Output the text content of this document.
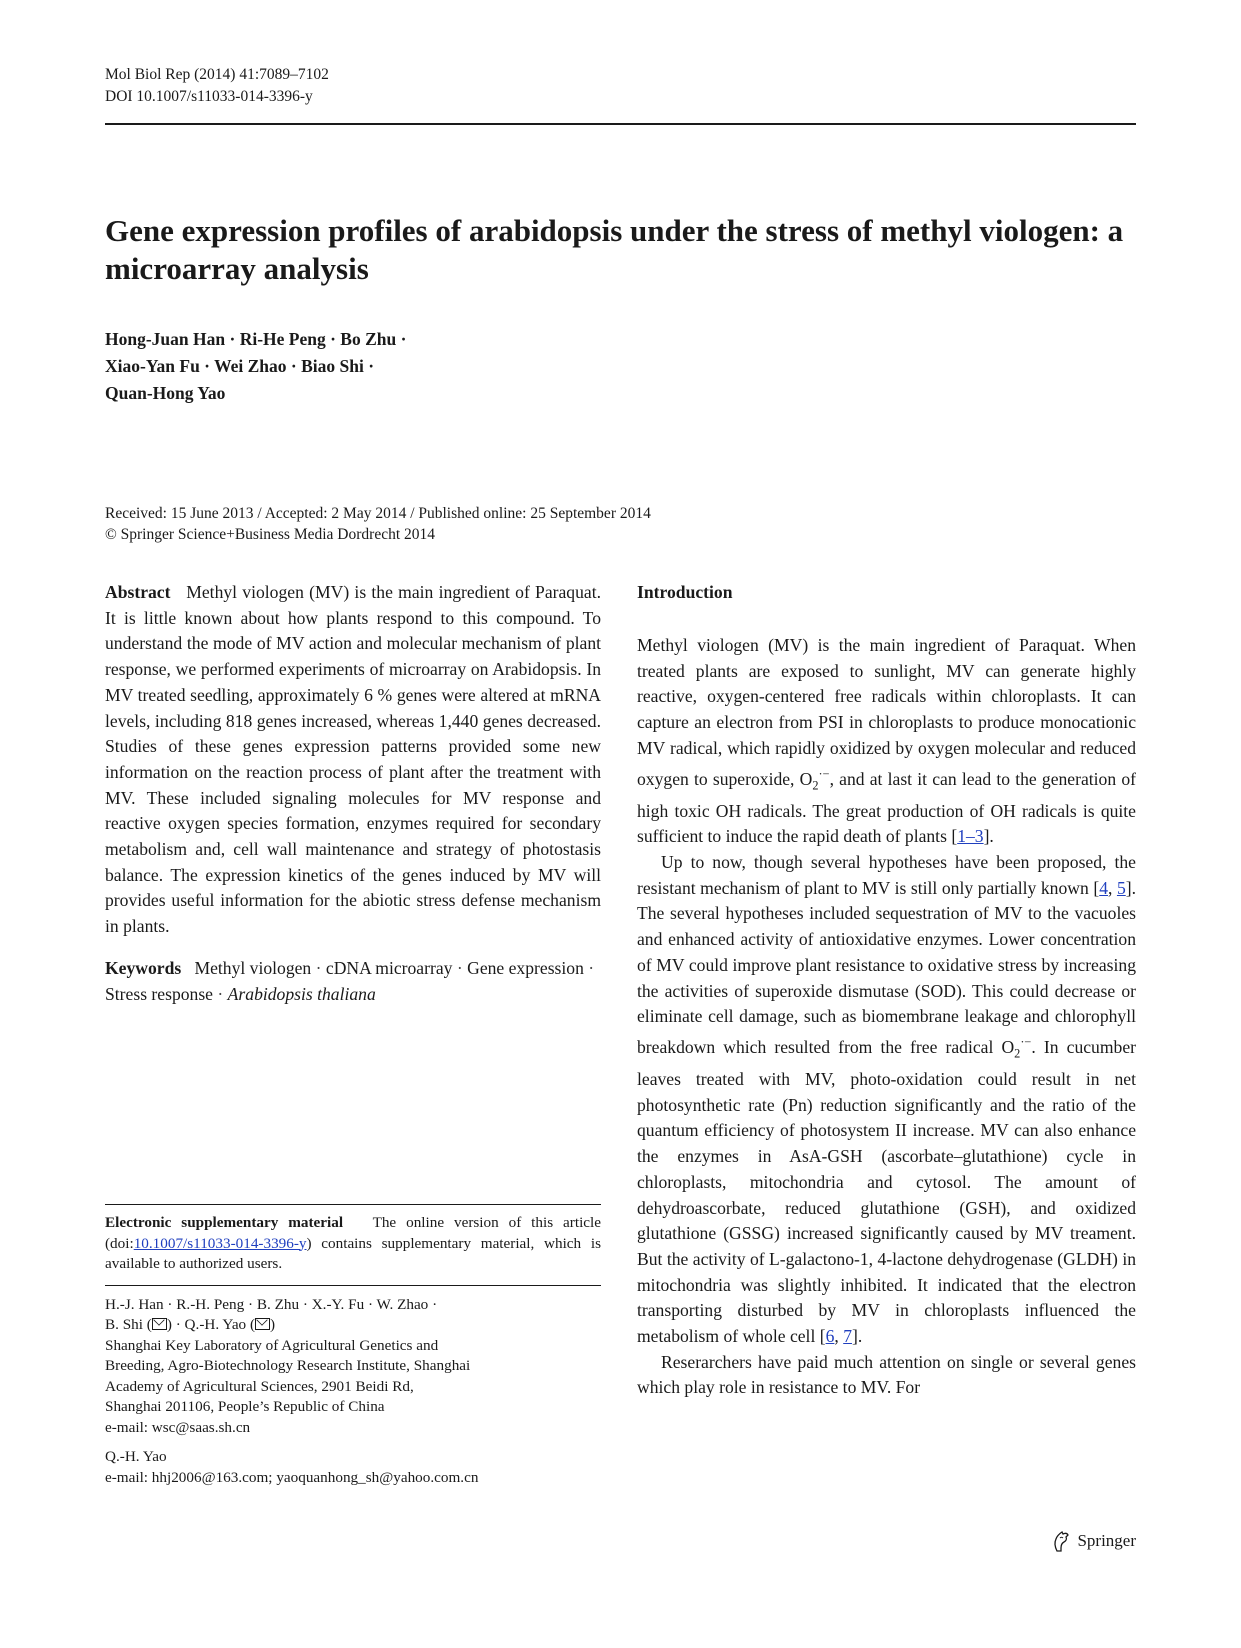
Mol Biol Rep (2014) 41:7089–7102
DOI 10.1007/s11033-014-3396-y
Gene expression profiles of arabidopsis under the stress of methyl viologen: a microarray analysis
Hong-Juan Han · Ri-He Peng · Bo Zhu ·
Xiao-Yan Fu · Wei Zhao · Biao Shi ·
Quan-Hong Yao
Received: 15 June 2013 / Accepted: 2 May 2014 / Published online: 25 September 2014
© Springer Science+Business Media Dordrecht 2014

Abstract Methyl viologen (MV) is the main ingredient of Paraquat. It is little known about how plants respond to this compound. To understand the mode of MV action and molecular mechanism of plant response, we performed experiments of microarray on Arabidopsis. In MV treated seedling, approximately 6 % genes were altered at mRNA levels, including 818 genes increased, whereas 1,440 genes decreased. Studies of these genes expression patterns provided some new information on the reaction process of plant after the treatment with MV. These included signaling molecules for MV response and reactive oxygen species formation, enzymes required for secondary metabolism and, cell wall maintenance and strategy of photostasis balance. The expression kinetics of the genes induced by MV will provides useful information for the abiotic stress defense mechanism in plants.

Keywords Methyl viologen · cDNA microarray · Gene expression · Stress response · Arabidopsis thaliana

Electronic supplementary material The online version of this article (doi:10.1007/s11033-014-3396-y) contains supplementary material, which is available to authorized users.

H.-J. Han · R.-H. Peng · B. Zhu · X.-Y. Fu · W. Zhao ·
B. Shi ( ) · Q.-H. Yao ( )
Shanghai Key Laboratory of Agricultural Genetics and
Breeding, Agro-Biotechnology Research Institute, Shanghai
Academy of Agricultural Sciences, 2901 Beidi Rd,
Shanghai 201106, People’s Republic of China
e-mail: wsc@saas.sh.cn
Q.-H. Yao
e-mail: hhj2006@163.com; yaoquanhong_sh@yahoo.com.cn
Introduction

Methyl viologen (MV) is the main ingredient of Paraquat. When treated plants are exposed to sunlight, MV can generate highly reactive, oxygen-centered free radicals within chloroplasts. It can capture an electron from PSI in chloroplasts to produce monocationic MV radical, which rapidly oxidized by oxygen molecular and reduced oxygen to superoxide, $O_2^{\cdot-}$, and at last it can lead to the generation of high toxic OH radicals. The great production of OH radicals is quite sufficient to induce the rapid death of plants [1–3].

Up to now, though several hypotheses have been proposed, the resistant mechanism of plant to MV is still only partially known [4, 5]. The several hypotheses included sequestration of MV to the vacuoles and enhanced activity of antioxidative enzymes. Lower concentration of MV could improve plant resistance to oxidative stress by increasing the activities of superoxide dismutase (SOD). This could decrease or eliminate cell damage, such as biomembrane leakage and chlorophyll breakdown which resulted from the free radical $O_2^{\cdot-}$. In cucumber leaves treated with MV, photo-oxidation could result in net photosynthetic rate (Pn) reduction significantly and the ratio of the quantum efficiency of photosystem II increase. MV can also enhance the enzymes in AsA-GSH (ascorbate–glutathione) cycle in chloroplasts, mitochondria and cytosol. The amount of dehydroascorbate, reduced glutathione (GSH), and oxidized glutathione (GSSG) increased significantly caused by MV treament. But the activity of L-galactono-1, 4-lactone dehydrogenase (GLDH) in mitochondria was slightly inhibited. It indicated that the electron transporting disturbed by MV in chloroplasts influenced the metabolism of whole cell [6, 7].

Reserarchers have paid much attention on single or several genes which play role in resistance to MV. For

Springer
